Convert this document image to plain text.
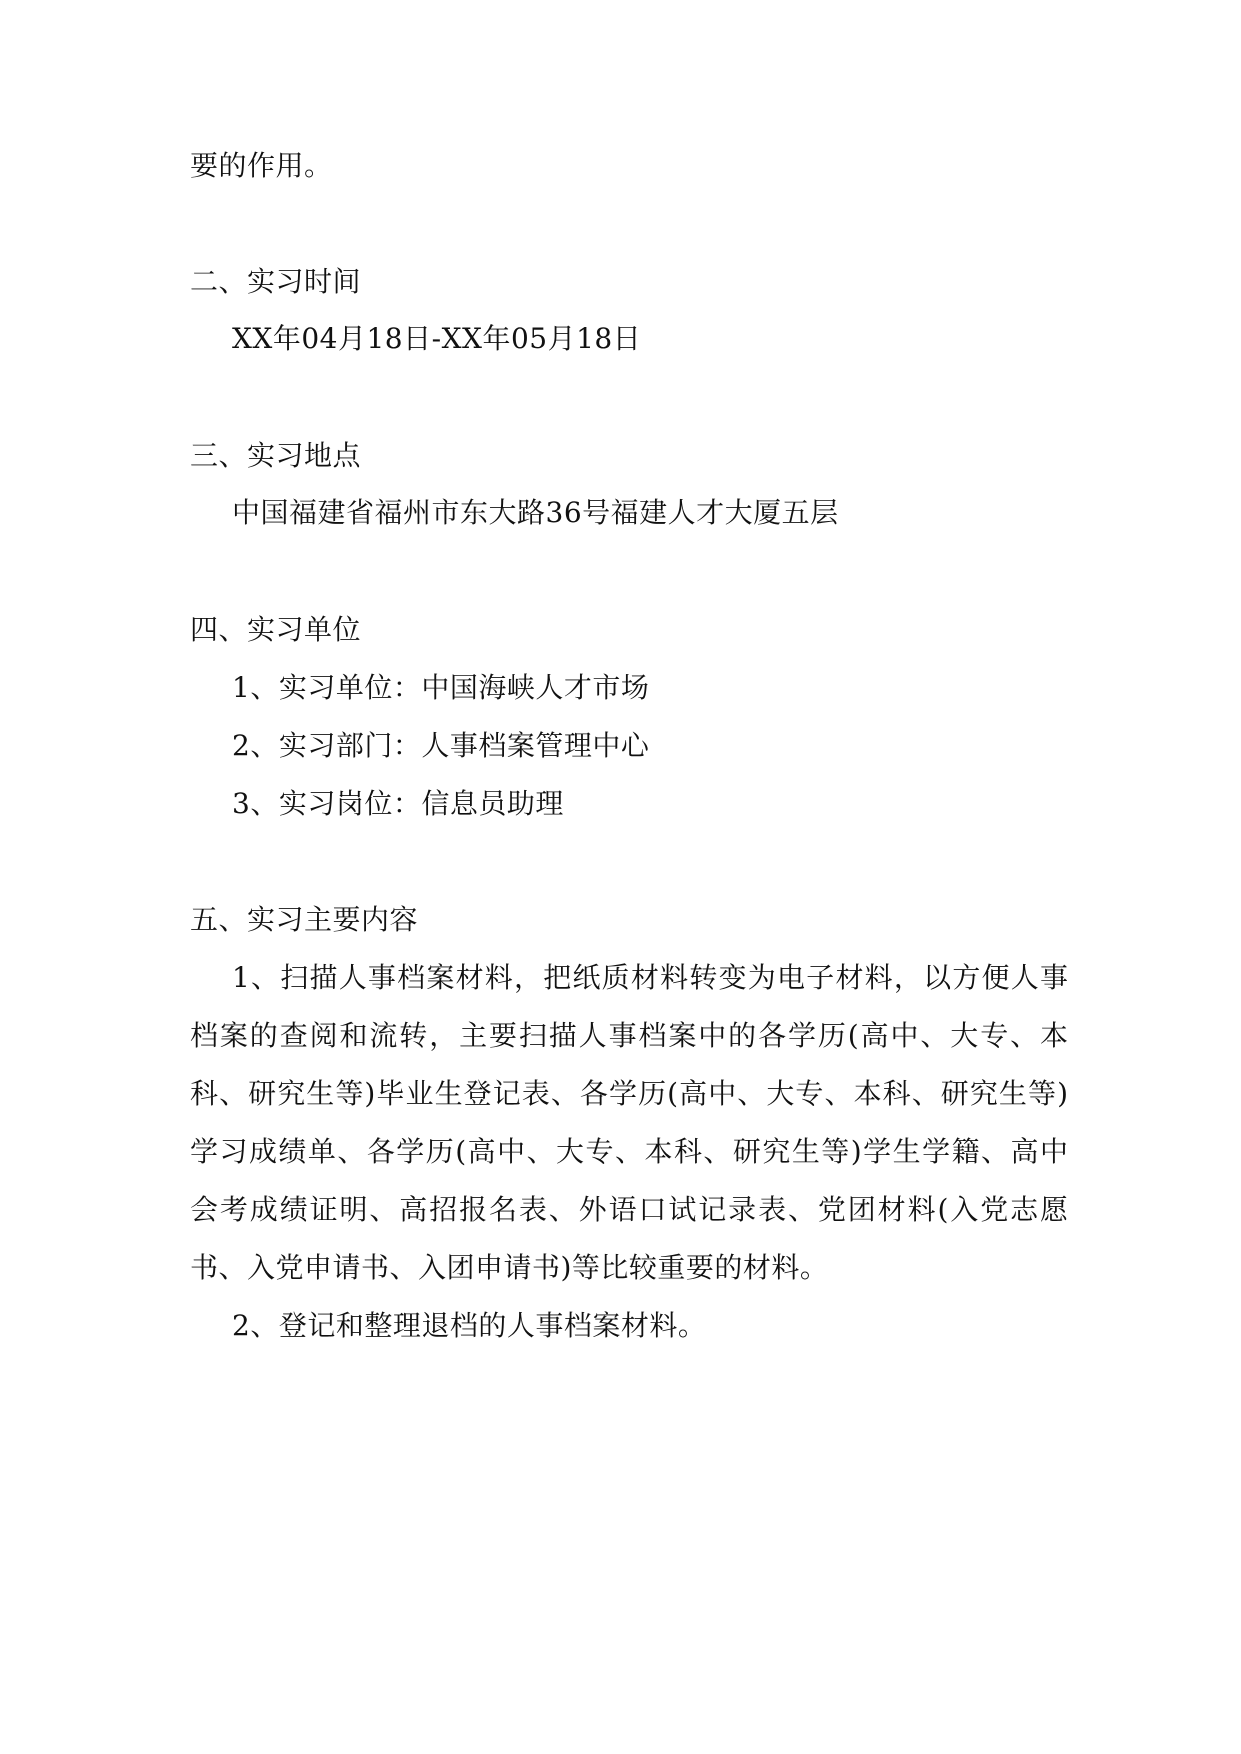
要的作用。
二、实习时间
XX年04月18日-XX年05月18日
三、实习地点
中国福建省福州市东大路36号福建人才大厦五层
四、实习单位
1、实习单位：中国海峡人才市场
2、实习部门：人事档案管理中心
3、实习岗位：信息员助理
五、实习主要内容
1、扫描人事档案材料，把纸质材料转变为电子材料，以方便人事
档案的查阅和流转，主要扫描人事档案中的各学历(高中、大专、本
科、研究生等)毕业生登记表、各学历(高中、大专、本科、研究生等)
学习成绩单、各学历(高中、大专、本科、研究生等)学生学籍、高中
会考成绩证明、高招报名表、外语口试记录表、党团材料(入党志愿
书、入党申请书、入团申请书)等比较重要的材料。
2、登记和整理退档的人事档案材料。
